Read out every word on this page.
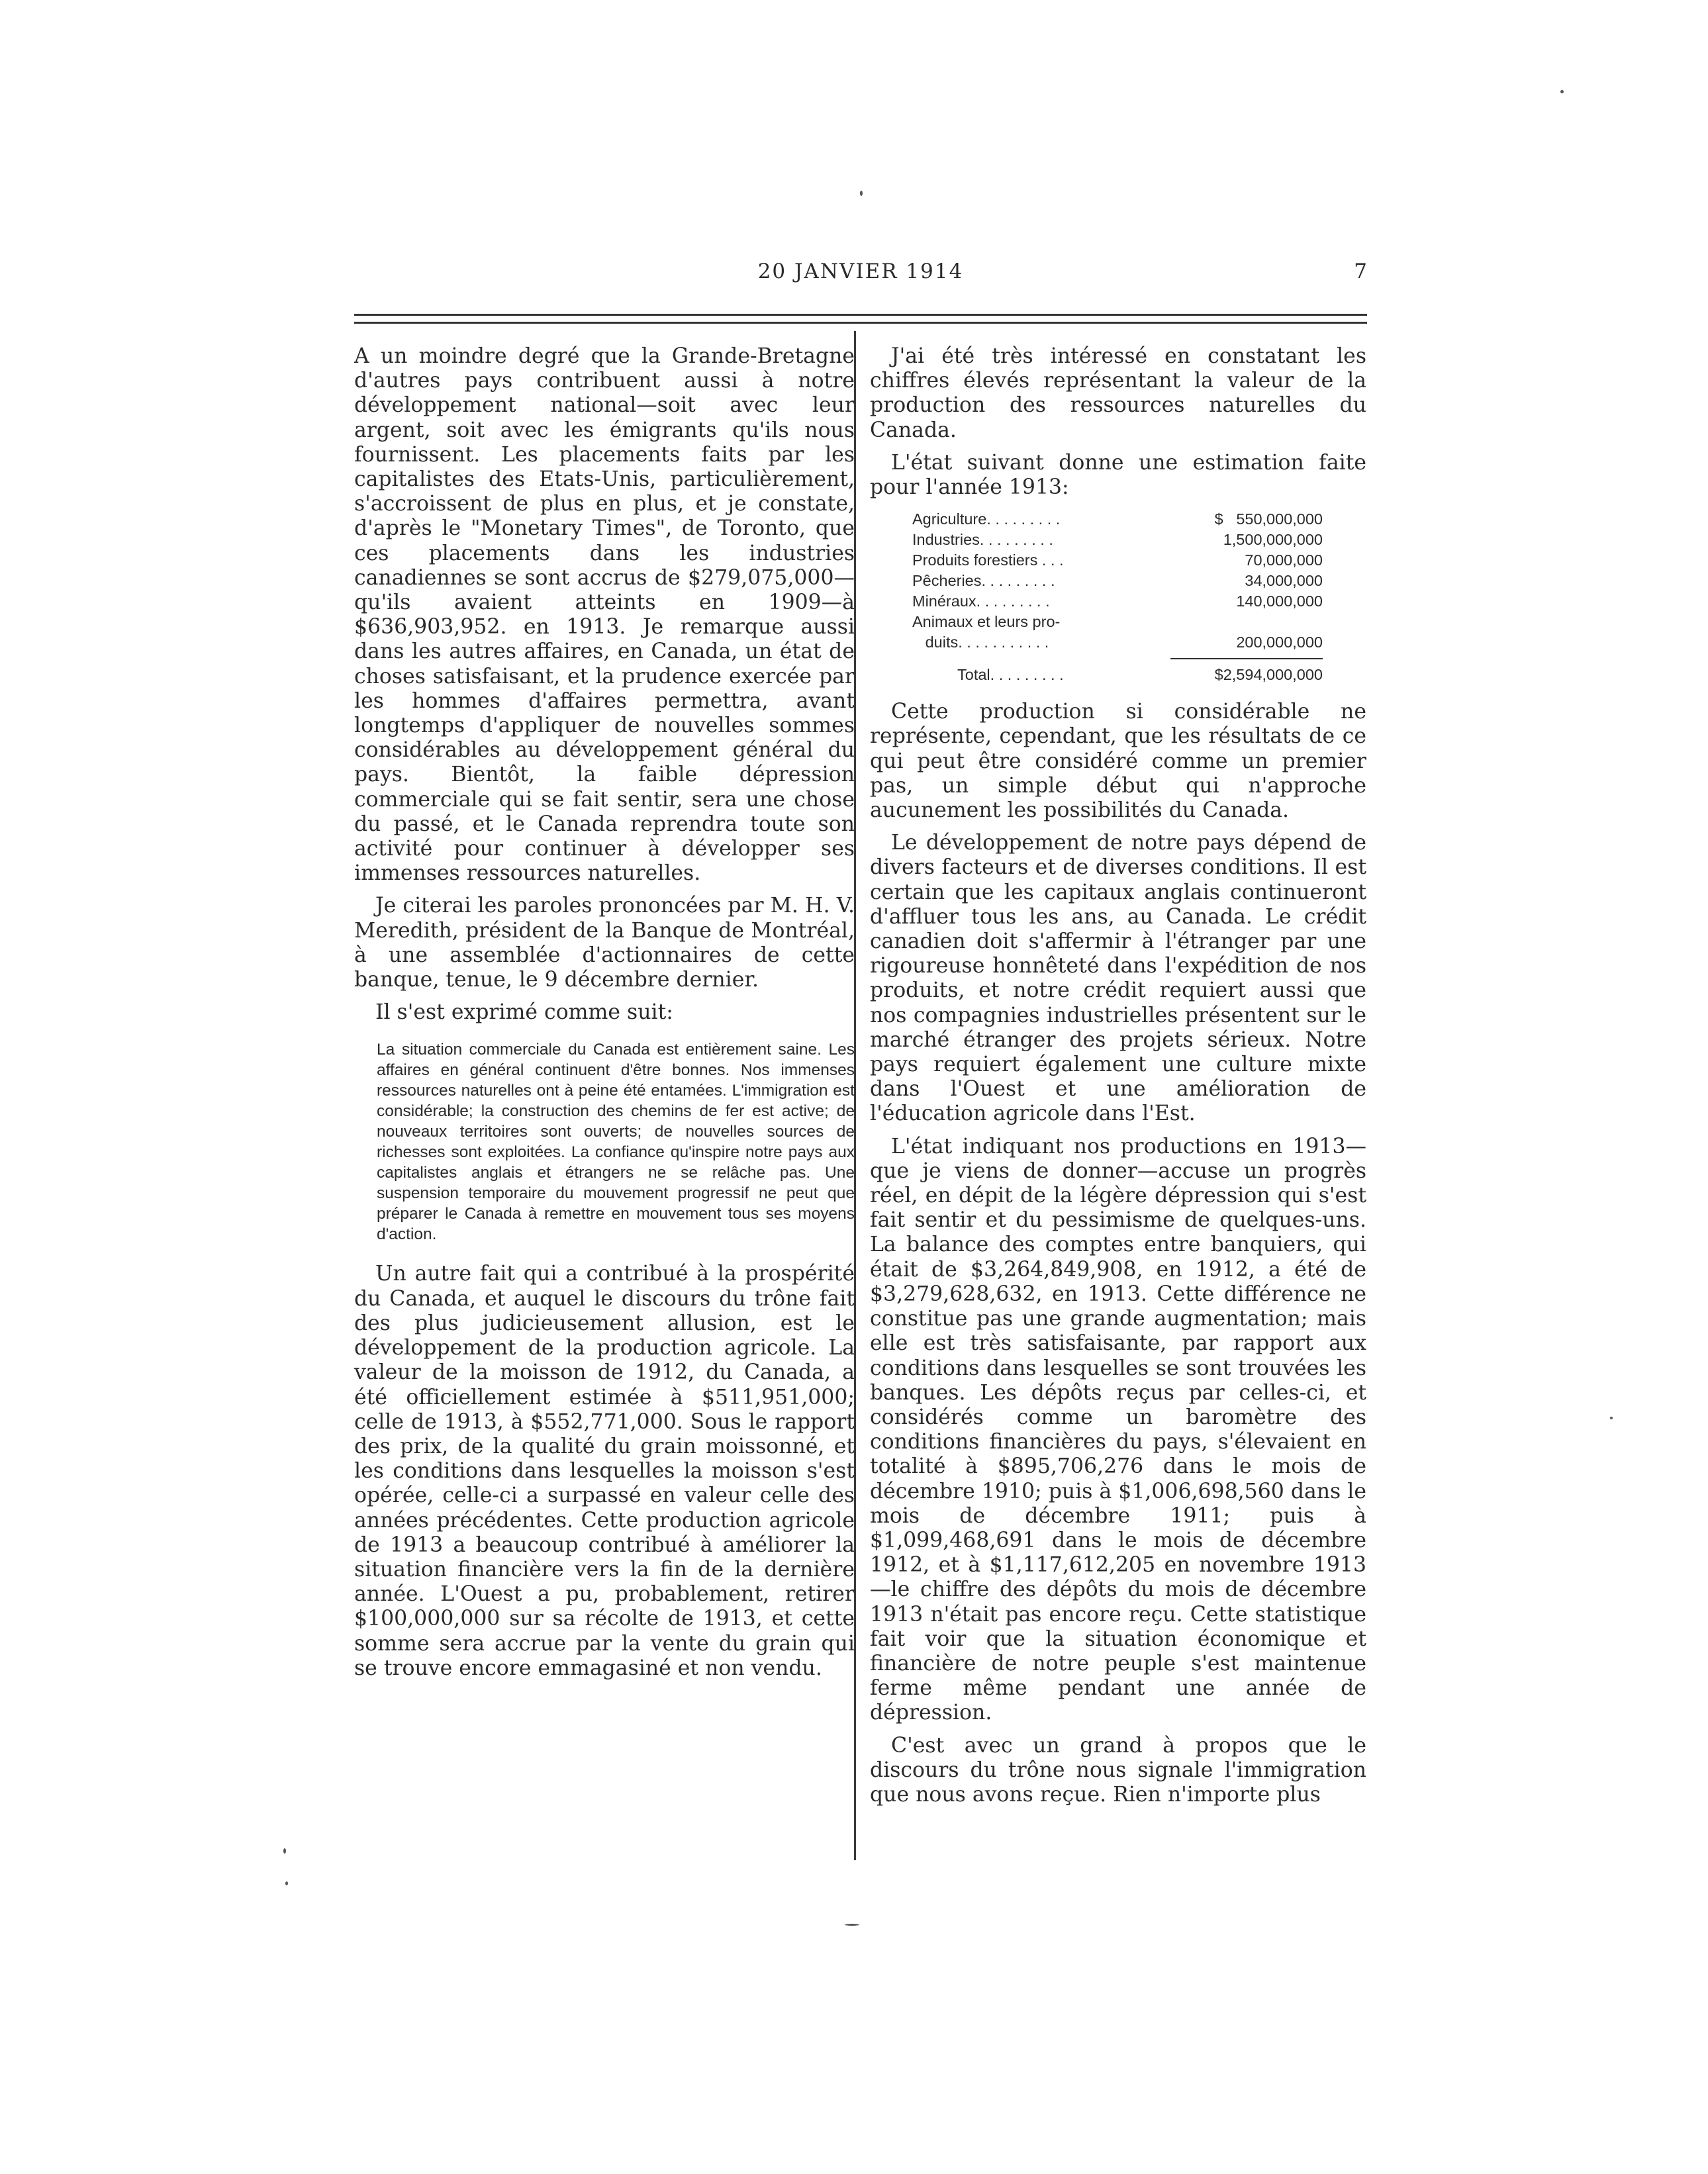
20 JANVIER 1914	7

A un moindre degré que la Grande-Bretagne d'autres pays contribuent aussi à notre développement national—soit avec leur argent, soit avec les émigrants qu'ils nous fournissent. Les placements faits par les capitalistes des Etats-Unis, particulièrement, s'accroissent de plus en plus, et je constate, d'après le "Monetary Times", de Toronto, que ces placements dans les industries canadiennes se sont accrus de $279,075,000—qu'ils avaient atteints en 1909—à $636,903,952. en 1913. Je remarque aussi dans les autres affaires, en Canada, un état de choses satisfaisant, et la prudence exercée par les hommes d'affaires permettra, avant longtemps d'appliquer de nouvelles sommes considérables au développement général du pays. Bientôt, la faible dépression commerciale qui se fait sentir, sera une chose du passé, et le Canada reprendra toute son activité pour continuer à développer ses immenses ressources naturelles.

Je citerai les paroles prononcées par M. H. V. Meredith, président de la Banque de Montréal, à une assemblée d'actionnaires de cette banque, tenue, le 9 décembre dernier.

Il s'est exprimé comme suit:

La situation commerciale du Canada est entièrement saine. Les affaires en général continuent d'être bonnes. Nos immenses ressources naturelles ont à peine été entamées. L'immigration est considérable; la construction des chemins de fer est active; de nouveaux territoires sont ouverts; de nouvelles sources de richesses sont exploitées. La confiance qu'inspire notre pays aux capitalistes anglais et étrangers ne se relâche pas. Une suspension temporaire du mouvement progressif ne peut que préparer le Canada à remettre en mouvement tous ses moyens d'action.

Un autre fait qui a contribué à la prospérité du Canada, et auquel le discours du trône fait des plus judicieusement allusion, est le développement de la production agricole. La valeur de la moisson de 1912, du Canada, a été officiellement estimée à $511,951,000; celle de 1913, à $552,771,000. Sous le rapport des prix, de la qualité du grain moissonné, et les conditions dans lesquelles la moisson s'est opérée, celle-ci a surpassé en valeur celle des années précédentes. Cette production agricole de 1913 a beaucoup contribué à améliorer la situation financière vers la fin de la dernière année. L'Ouest a pu, probablement, retirer $100,000,000 sur sa récolte de 1913, et cette somme sera accrue par la vente du grain qui se trouve encore emmagasiné et non vendu.

J'ai été très intéressé en constatant les chiffres élevés représentant la valeur de la production des ressources naturelles du Canada.

L'état suivant donne une estimation faite pour l'année 1913:

Agriculture. . . . . . . . .	$   550,000,000
Industries. . . . . . . . .	1,500,000,000
Produits forestiers . . .	70,000,000
Pêcheries. . . . . . . . .	34,000,000
Minéraux. . . . . . . . .	140,000,000
Animaux et leurs pro-
duits. . . . . . . . . . .	200,000,000
Total. . . . . . . . .	$2,594,000,000

Cette production si considérable ne représente, cependant, que les résultats de ce qui peut être considéré comme un premier pas, un simple début qui n'approche aucunement les possibilités du Canada.

Le développement de notre pays dépend de divers facteurs et de diverses conditions. Il est certain que les capitaux anglais continueront d'affluer tous les ans, au Canada. Le crédit canadien doit s'affermir à l'étranger par une rigoureuse honnêteté dans l'expédition de nos produits, et notre crédit requiert aussi que nos compagnies industrielles présentent sur le marché étranger des projets sérieux. Notre pays requiert également une culture mixte dans l'Ouest et une amélioration de l'éducation agricole dans l'Est.

L'état indiquant nos productions en 1913—que je viens de donner—accuse un progrès réel, en dépit de la légère dépression qui s'est fait sentir et du pessimisme de quelques-uns. La balance des comptes entre banquiers, qui était de $3,264,849,908, en 1912, a été de $3,279,628,632, en 1913. Cette différence ne constitue pas une grande augmentation; mais elle est très satisfaisante, par rapport aux conditions dans lesquelles se sont trouvées les banques. Les dépôts reçus par celles-ci, et considérés comme un baromètre des conditions financières du pays, s'élevaient en totalité à $895,706,276 dans le mois de décembre 1910; puis à $1,006,698,560 dans le mois de décembre 1911; puis à $1,099,468,691 dans le mois de décembre 1912, et à $1,117,612,205 en novembre 1913—le chiffre des dépôts du mois de décembre 1913 n'était pas encore reçu. Cette statistique fait voir que la situation économique et financière de notre peuple s'est maintenue ferme même pendant une année de dépression.

C'est avec un grand à propos que le discours du trône nous signale l'immigration que nous avons reçue. Rien n'importe plus
